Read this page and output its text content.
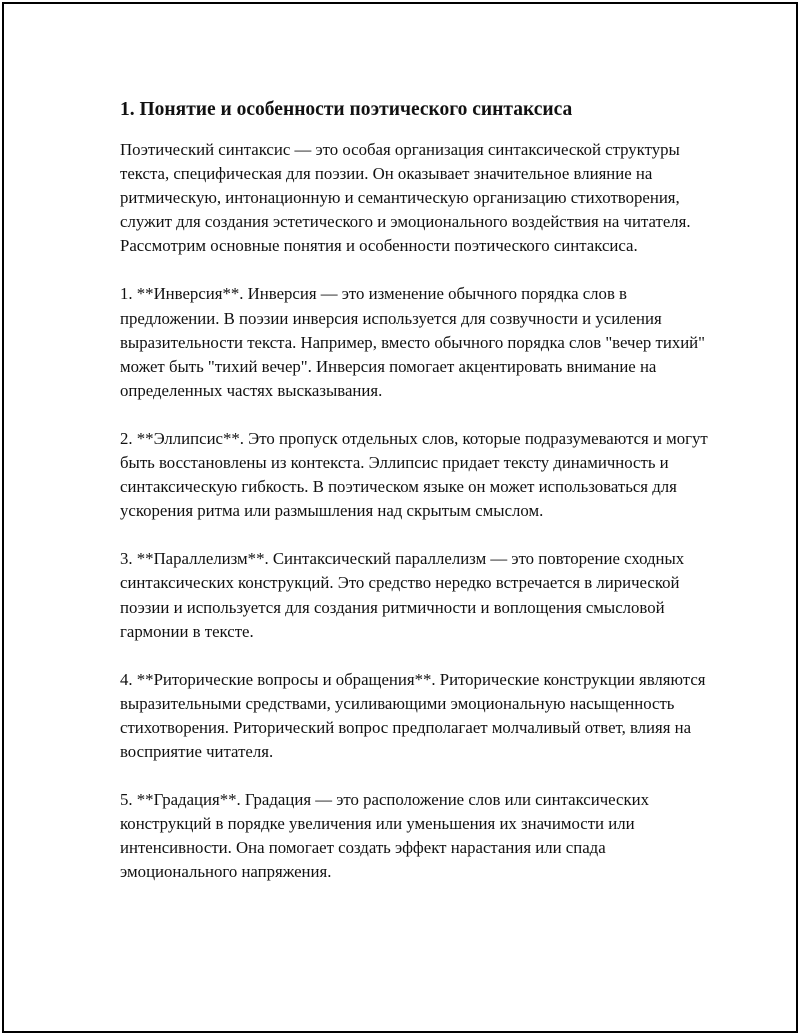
1. Понятие и особенности поэтического синтаксиса

Поэтический синтаксис — это особая организация синтаксической структуры текста, специфическая для поэзии. Он оказывает значительное влияние на ритмическую, интонационную и семантическую организацию стихотворения, служит для создания эстетического и эмоционального воздействия на читателя. Рассмотрим основные понятия и особенности поэтического синтаксиса.

1. **Инверсия**. Инверсия — это изменение обычного порядка слов в предложении. В поэзии инверсия используется для созвучности и усиления выразительности текста. Например, вместо обычного порядка слов "вечер тихий" может быть "тихий вечер". Инверсия помогает акцентировать внимание на определенных частях высказывания.

2. **Эллипсис**. Это пропуск отдельных слов, которые подразумеваются и могут быть восстановлены из контекста. Эллипсис придает тексту динамичность и синтаксическую гибкость. В поэтическом языке он может использоваться для ускорения ритма или размышления над скрытым смыслом.

3. **Параллелизм**. Синтаксический параллелизм — это повторение сходных синтаксических конструкций. Это средство нередко встречается в лирической поэзии и используется для создания ритмичности и воплощения смысловой гармонии в тексте.

4. **Риторические вопросы и обращения**. Риторические конструкции являются выразительными средствами, усиливающими эмоциональную насыщенность стихотворения. Риторический вопрос предполагает молчаливый ответ, влияя на восприятие читателя.

5. **Градация**. Градация — это расположение слов или синтаксических конструкций в порядке увеличения или уменьшения их значимости или интенсивности. Она помогает создать эффект нарастания или спада эмоционального напряжения.
